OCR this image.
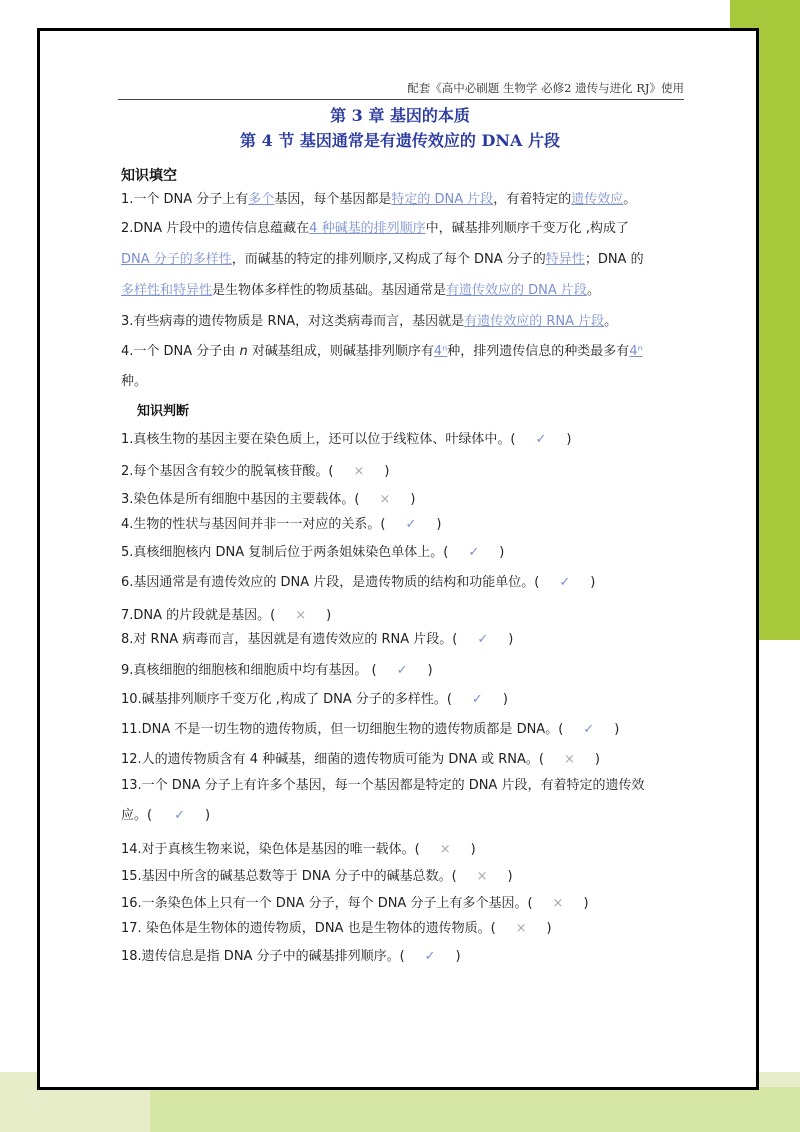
配套《高中必刷题 生物学 必修2 遗传与进化 RJ》使用
第 3 章 基因的本质
第 4 节 基因通常是有遗传效应的 DNA 片段
知识填空
1.一个 DNA 分子上有多个基因，每个基因都是特定的 DNA 片段，有着特定的遗传效应。
2.DNA 片段中的遗传信息蕴藏在4 种碱基的排列顺序中，碱基排列顺序千变万化 ,构成了
DNA 分子的多样性，而碱基的特定的排列顺序,又构成了每个 DNA 分子的特异性；DNA 的
多样性和特异性是生物体多样性的物质基础。基因通常是有遗传效应的 DNA 片段。
3.有些病毒的遗传物质是 RNA，对这类病毒而言，基因就是有遗传效应的 RNA 片段。
4.一个 DNA 分子由 n 对碱基组成，则碱基排列顺序有4ⁿ种，排列遗传信息的种类最多有4ⁿ
种。
知识判断
1.真核生物的基因主要在染色质上，还可以位于线粒体、叶绿体中。( ✓ )
2.每个基因含有较少的脱氧核苷酸。( × )
3.染色体是所有细胞中基因的主要载体。( × )
4.生物的性状与基因间并非一一对应的关系。( ✓ )
5.真核细胞核内 DNA 复制后位于两条姐妹染色单体上。( ✓ )
6.基因通常是有遗传效应的 DNA 片段，是遗传物质的结构和功能单位。( ✓ )
7.DNA 的片段就是基因。( × )
8.对 RNA 病毒而言，基因就是有遗传效应的 RNA 片段。( ✓ )
9.真核细胞的细胞核和细胞质中均有基因。 ( ✓ )
10.碱基排列顺序千变万化 ,构成了 DNA 分子的多样性。( ✓ )
11.DNA 不是一切生物的遗传物质，但一切细胞生物的遗传物质都是 DNA。( ✓ )
12.人的遗传物质含有 4 种碱基，细菌的遗传物质可能为 DNA 或 RNA。( × )
13.一个 DNA 分子上有许多个基因，每一个基因都是特定的 DNA 片段，有着特定的遗传效
应。( ✓ )
14.对于真核生物来说，染色体是基因的唯一载体。( × )
15.基因中所含的碱基总数等于 DNA 分子中的碱基总数。( × )
16.一条染色体上只有一个 DNA 分子，每个 DNA 分子上有多个基因。( × )
17. 染色体是生物体的遗传物质，DNA 也是生物体的遗传物质。( × )
18.遗传信息是指 DNA 分子中的碱基排列顺序。( ✓ )
